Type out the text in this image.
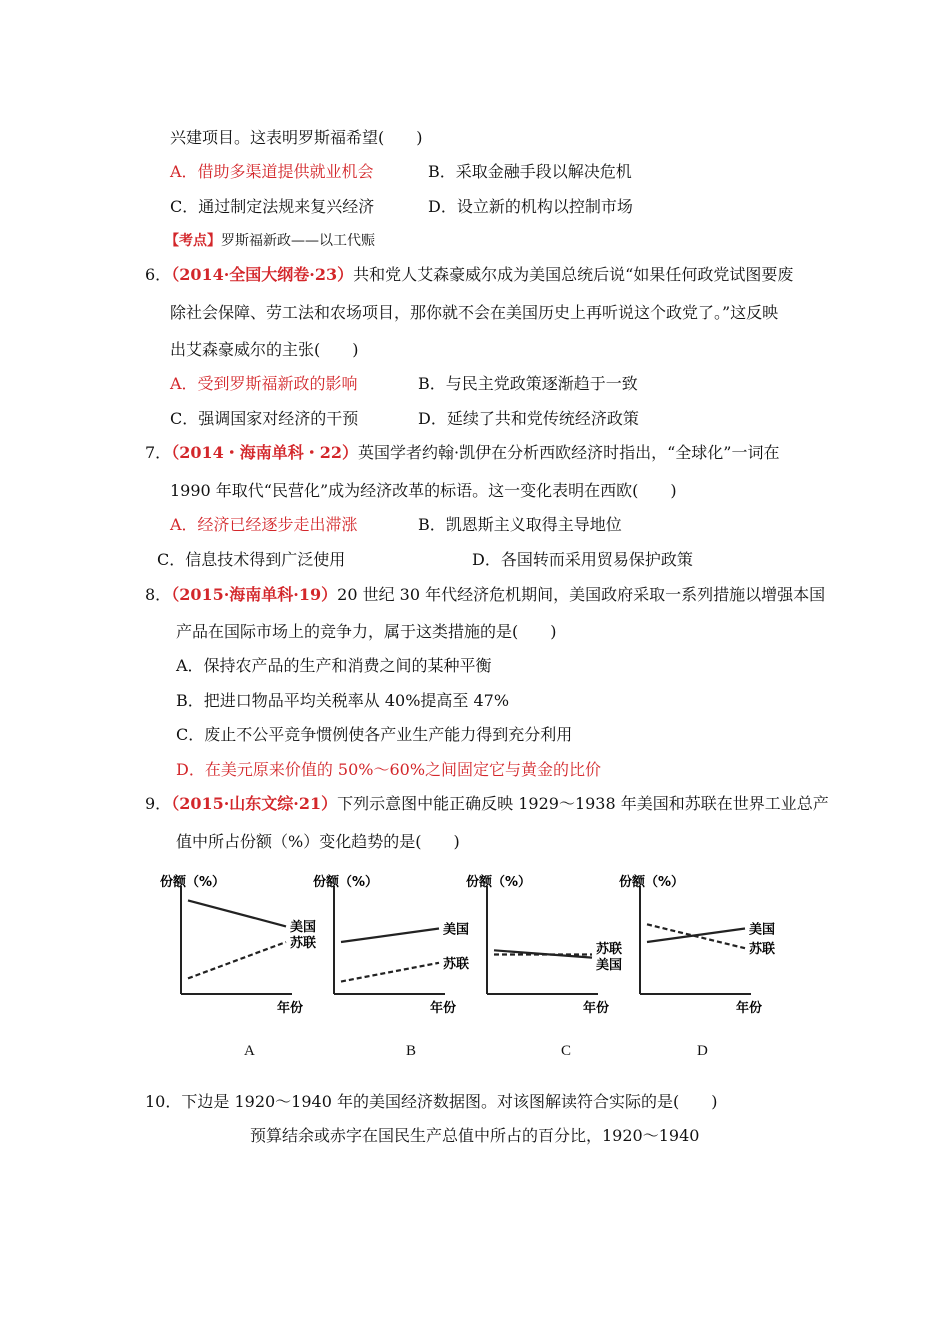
兴建项目。这表明罗斯福希望(　　)
A．借助多渠道提供就业机会	B．采取金融手段以解决危机
C．通过制定法规来复兴经济	D．设立新的机构以控制市场
【考点】罗斯福新政——以工代赈
6．（2014·全国大纲卷·23）共和党人艾森豪威尔成为美国总统后说“如果任何政党试图要废
除社会保障、劳工法和农场项目，那你就不会在美国历史上再听说这个政党了。”这反映
出艾森豪威尔的主张(　　)
A．受到罗斯福新政的影响	B．与民主党政策逐渐趋于一致
C．强调国家对经济的干预	D．延续了共和党传统经济政策
7．（2014・海南单科・22）英国学者约翰·凯伊在分析西欧经济时指出，“全球化”一词在
1990 年取代“民营化”成为经济改革的标语。这一变化表明在西欧(　　)
A．经济已经逐步走出滞涨	B．凯恩斯主义取得主导地位
C．信息技术得到广泛使用	D．各国转而采用贸易保护政策
8．（2015·海南单科·19）20 世纪 30 年代经济危机期间，美国政府采取一系列措施以增强本国
产品在国际市场上的竞争力，属于这类措施的是(　　)
A．保持农产品的生产和消费之间的某种平衡
B．把进口物品平均关税率从 40%提高至 47%
C．废止不公平竞争惯例使各产业生产能力得到充分利用
D．在美元原来价值的 50%～60%之间固定它与黄金的比价
9．（2015·山东文综·21）下列示意图中能正确反映 1929～1938 年美国和苏联在世界工业总产
值中所占份额（%）变化趋势的是(　　)
份额（%）
年份
美国
苏联
份额（%）
年份
美国
苏联
份额（%）
年份
苏联
美国
份额（%）
年份
美国
苏联
A	B	C	D
10．下边是 1920～1940 年的美国经济数据图。对该图解读符合实际的是(　　)
预算结余或赤字在国民生产总值中所占的百分比，1920～1940
